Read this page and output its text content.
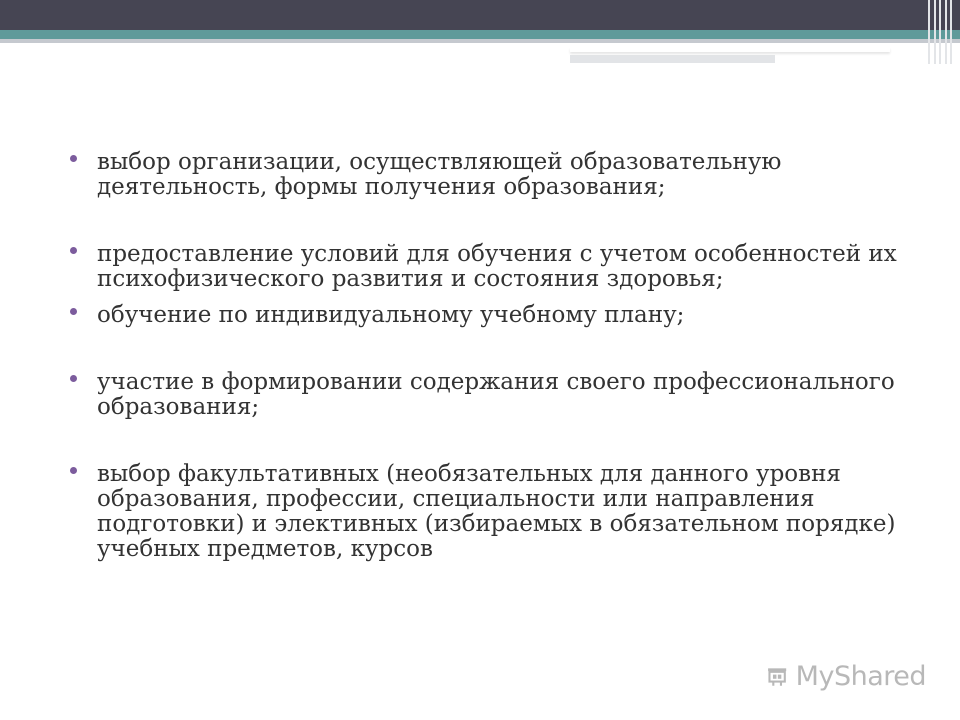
выбор организации, осуществляющей образовательную деятельность, формы получения образования;

предоставление условий для обучения с учетом особенностей их психофизического развития и состояния здоровья;

обучение по индивидуальному учебному плану;

участие в формировании содержания своего профессионального образования;

выбор факультативных (необязательных для данного уровня образования, профессии, специальности или направления подготовки) и элективных (избираемых в обязательном порядке) учебных предметов, курсов

MyShared
